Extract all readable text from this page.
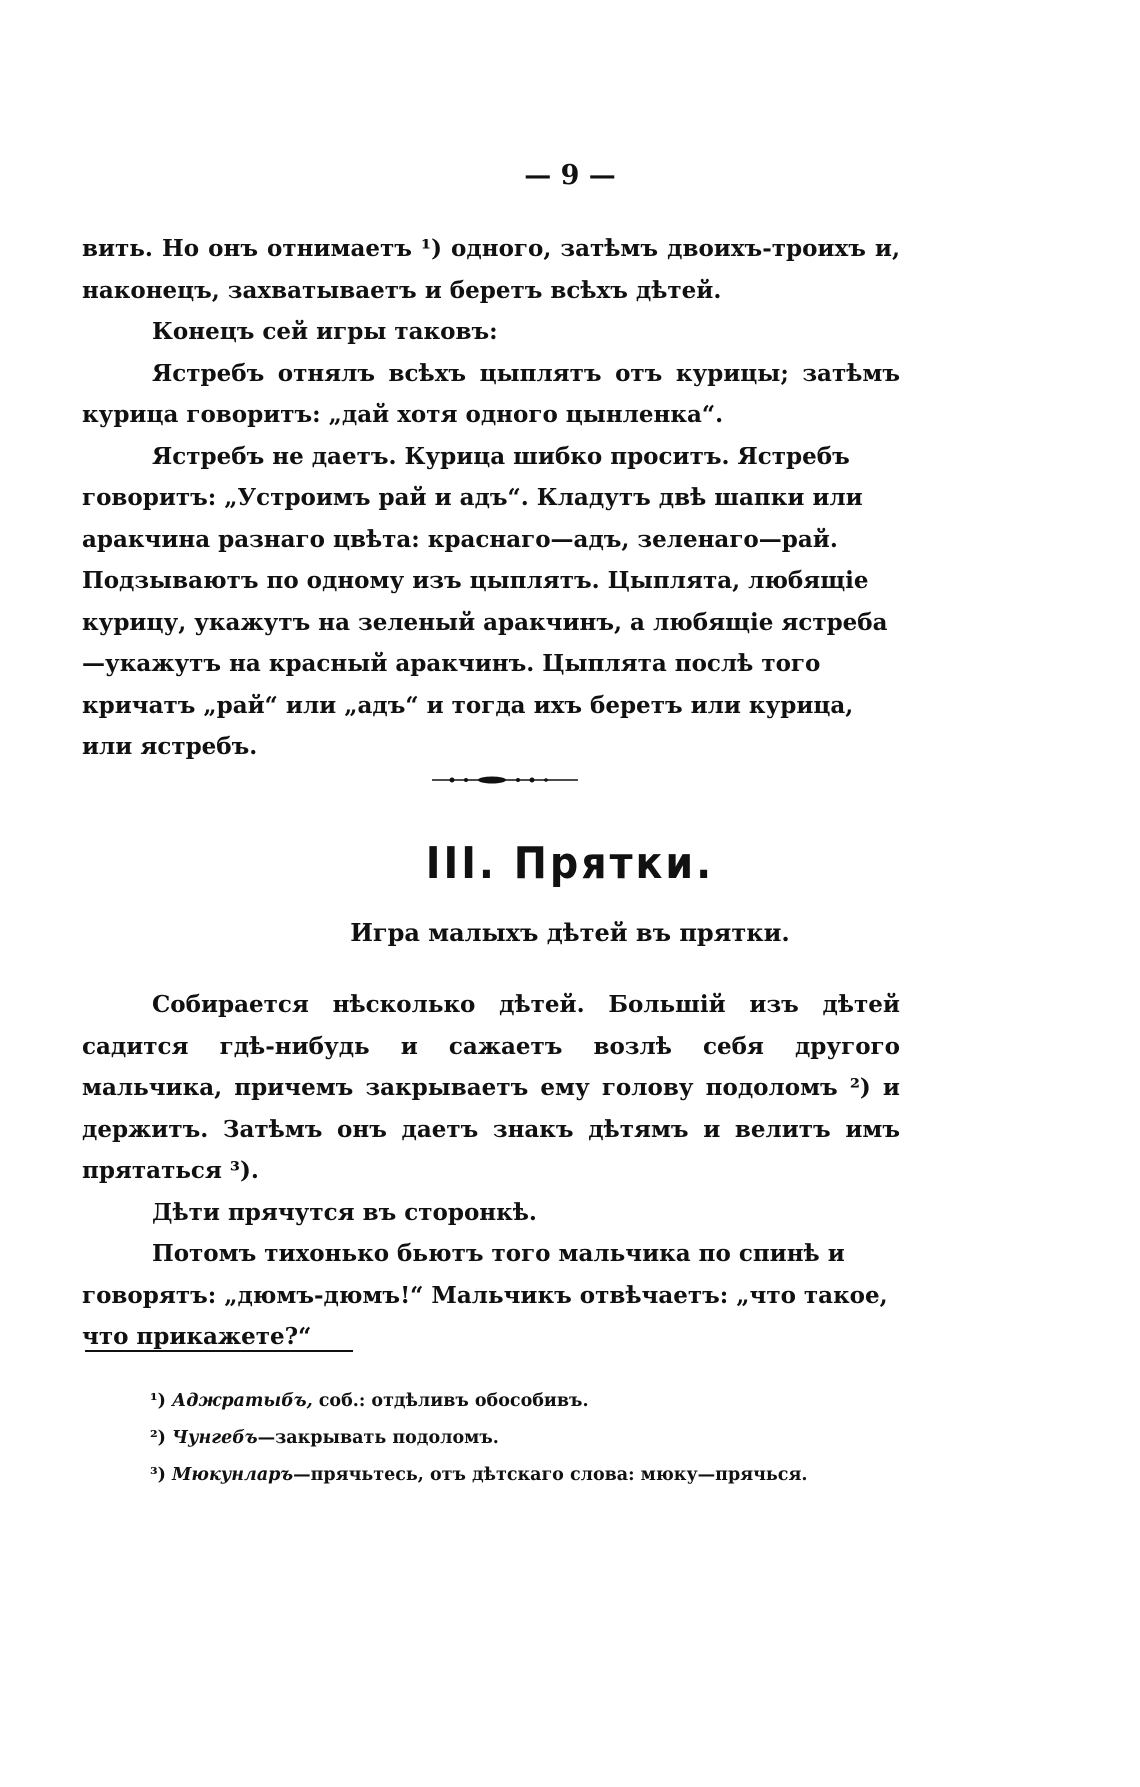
— 9 —

вить. Но онъ отнимаетъ ¹) одного, затѣмъ двоихъ-троихъ и, наконецъ, захватываетъ и беретъ всѣхъ дѣтей.

Конецъ сей игры таковъ:

Ястребъ отнялъ всѣхъ цыплятъ отъ курицы; затѣмъ курица говоритъ: „дай хотя одного цынленка“.

Ястребъ не даетъ. Курица шибко проситъ. Ястребъ говоритъ: „Устроимъ рай и адъ“. Кладутъ двѣ шапки или аракчина разнаго цвѣта: краснаго—адъ, зеленаго—рай. Подзываютъ по одному изъ цыплятъ. Цыплята, любящіе курицу, укажутъ на зеленый аракчинъ, а любящіе ястреба—укажутъ на красный аракчинъ. Цыплята послѣ того кричатъ „рай“ или „адъ“ и тогда ихъ беретъ или курица, или ястребъ.

III. Прятки.
Игра малыхъ дѣтей въ прятки.

Собирается нѣсколько дѣтей. Большій изъ дѣтей садится гдѣ-нибудь и сажаетъ возлѣ себя другого мальчика, причемъ закрываетъ ему голову подоломъ ²) и держитъ. Затѣмъ онъ даетъ знакъ дѣтямъ и велитъ имъ прятаться ³).

Дѣти прячутся въ сторонкѣ.

Потомъ тихонько бьютъ того мальчика по спинѣ и говорятъ: „дюмъ-дюмъ!“ Мальчикъ отвѣчаетъ: „что такое, что прикажете?“

¹) Аджратыбъ, соб.: отдѣливъ обособивъ.
²) Чунгебъ—закрывать подоломъ.
³) Мюкунларъ—прячьтесь, отъ дѣтскаго слова: мюку—прячься.
